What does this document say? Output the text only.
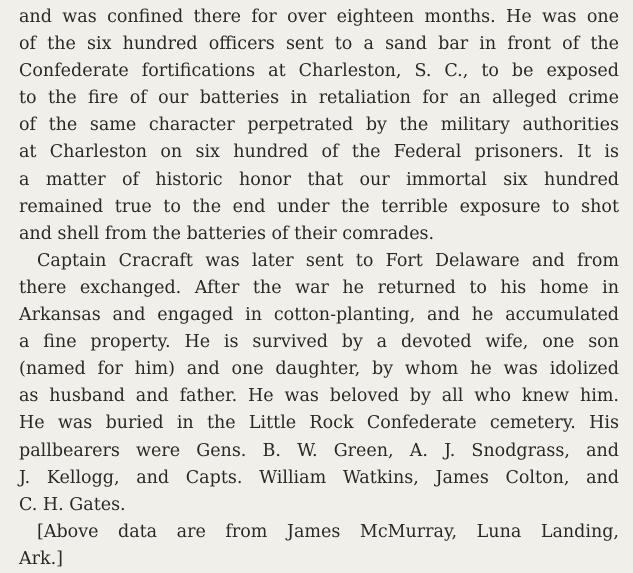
and was confined there for over eighteen months. He was one
of the six hundred officers sent to a sand bar in front of the
Confederate fortifications at Charleston, S. C., to be exposed
to the fire of our batteries in retaliation for an alleged crime
of the same character perpetrated by the military authorities
at Charleston on six hundred of the Federal prisoners. It is
a matter of historic honor that our immortal six hundred
remained true to the end under the terrible exposure to shot
and shell from the batteries of their comrades.
Captain Cracraft was later sent to Fort Delaware and from
there exchanged. After the war he returned to his home in
Arkansas and engaged in cotton-planting, and he accumulated
a fine property. He is survived by a devoted wife, one son
(named for him) and one daughter, by whom he was idolized
as husband and father. He was beloved by all who knew him.
He was buried in the Little Rock Confederate cemetery. His
pallbearers were Gens. B. W. Green, A. J. Snodgrass, and
J. Kellogg, and Capts. William Watkins, James Colton, and
C. H. Gates.
[Above data are from James McMurray, Luna Landing,
Ark.]
